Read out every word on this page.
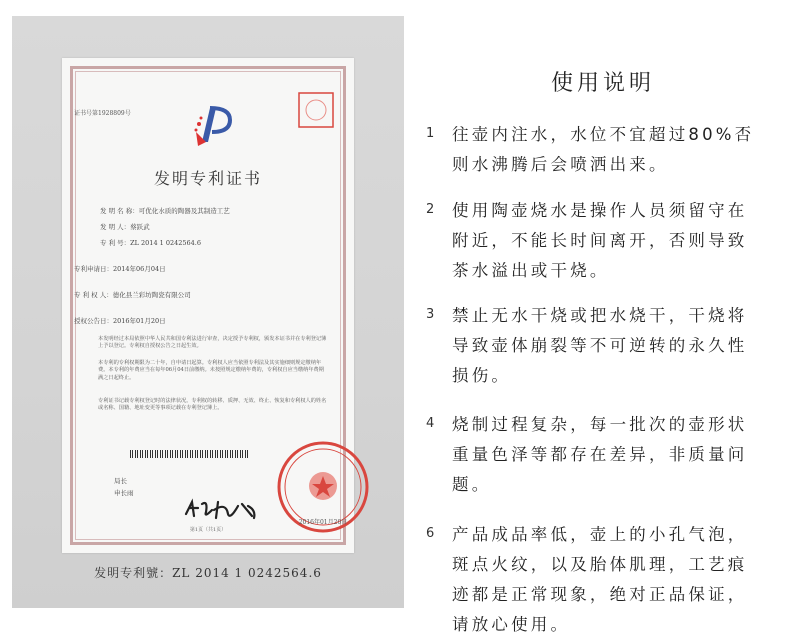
证书号第1928809号
发明专利证书
发 明 名 称：可优化水质的陶器及其制造工艺
发 明 人：蔡跃武
专 利 号：ZL 2014 1 0242564.6
专利申请日：2014年06月04日
专 利 权 人：德化县兰彩坊陶瓷有限公司
授权公告日：2016年01月20日
本发明经过本局依照中华人民共和国专利法进行审查，决定授予专利权，颁发本证书并在专利登记簿上予以登记。专利权自授权公告之日起生效。
本专利的专利权期限为二十年，自申请日起算。专利权人应当依照专利法及其实施细则规定缴纳年费。本专利的年费应当在每年06月04日前缴纳。未按照规定缴纳年费的，专利权自应当缴纳年费期满之日起终止。
专利证书记载专利权登记时的法律状况。专利权的转移、质押、无效、终止、恢复和专利权人的姓名或名称、国籍、地址变更等事项记载在专利登记簿上。
局长
申长雨
2016年01月20日
第1页（共1页）
发明专利號：ZL 2014 1 0242564.6
使用说明
1	往壶内注水，水位不宜超过80%否则水沸腾后会喷洒出来。
2	使用陶壶烧水是操作人员须留守在附近，不能长时间离开，否则导致茶水溢出或干烧。
3	禁止无水干烧或把水烧干，干烧将导致壶体崩裂等不可逆转的永久性损伤。
4	烧制过程复杂，每一批次的壶形状重量色泽等都存在差异，非质量问题。
6	产品成品率低，壶上的小孔气泡，斑点火纹，以及胎体肌理，工艺痕迹都是正常现象，绝对正品保证，请放心使用。
